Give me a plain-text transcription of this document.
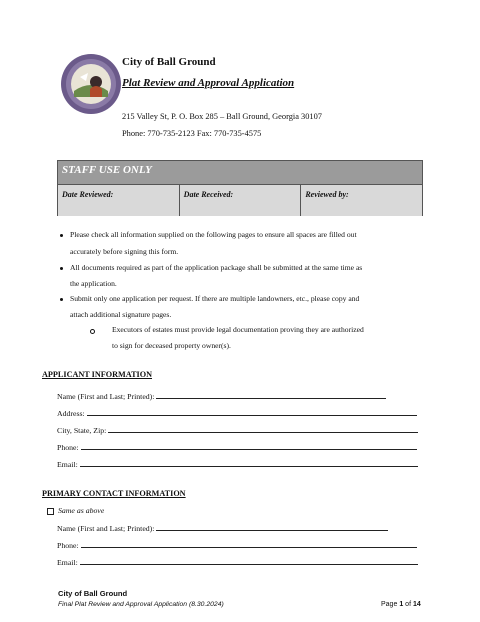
City of Ball Ground
Plat Review and Approval Application
215 Valley St, P. O. Box 285 – Ball Ground, Georgia 30107
Phone: 770-735-2123 Fax: 770-735-4575
STAFF USE ONLY
Date Reviewed:	Date Received:	Reviewed by:
Please check all information supplied on the following pages to ensure all spaces are filled out
accurately before signing this form.
All documents required as part of the application package shall be submitted at the same time as
the application.
Submit only one application per request. If there are multiple landowners, etc., please copy and
attach additional signature pages.
Executors of estates must provide legal documentation proving they are authorized
to sign for deceased property owner(s).
APPLICANT INFORMATION
Name (First and Last; Printed):
Address:
City, State, Zip:
Phone:
Email:
PRIMARY CONTACT INFORMATION
Same as above
Name (First and Last; Printed):
Phone:
Email:
City of Ball Ground
Final Plat Review and Approval Application (8.30.2024)	Page 1 of 14
